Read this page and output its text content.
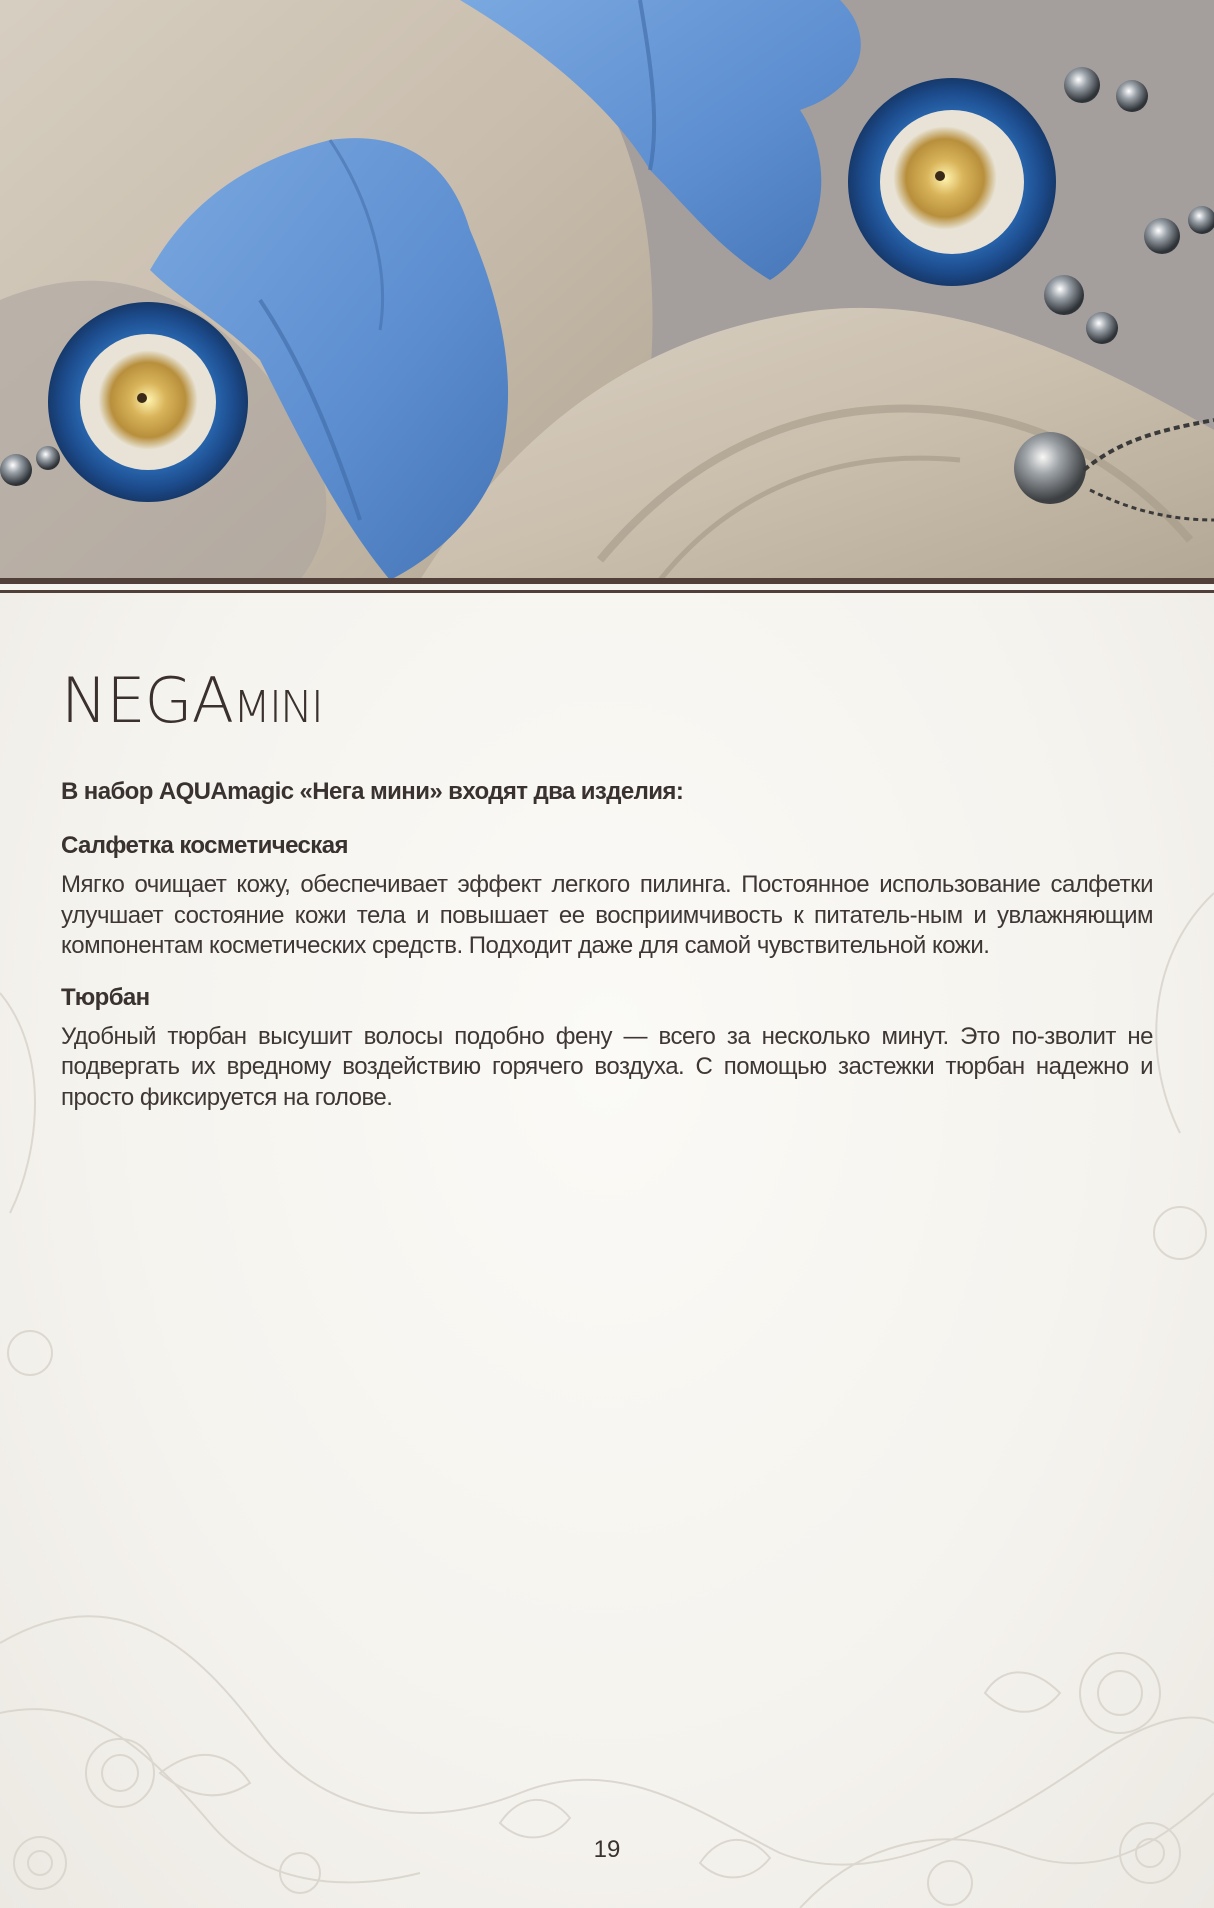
NEGAMINI

В набор AQUAmagic «Нега мини» входят два изделия:

Салфетка косметическая

Мягко очищает кожу, обеспечивает эффект легкого пилинга. Постоянное использование салфетки улучшает состояние кожи тела и повышает ее восприимчивость к питатель-ным и увлажняющим компонентам косметических средств. Подходит даже для самой чувствительной кожи.

Тюрбан

Удобный тюрбан высушит волосы подобно фену — всего за несколько минут. Это по-зволит не подвергать их вредному воздействию горячего воздуха. С помощью застежки тюрбан надежно и просто фиксируется на голове.

19
